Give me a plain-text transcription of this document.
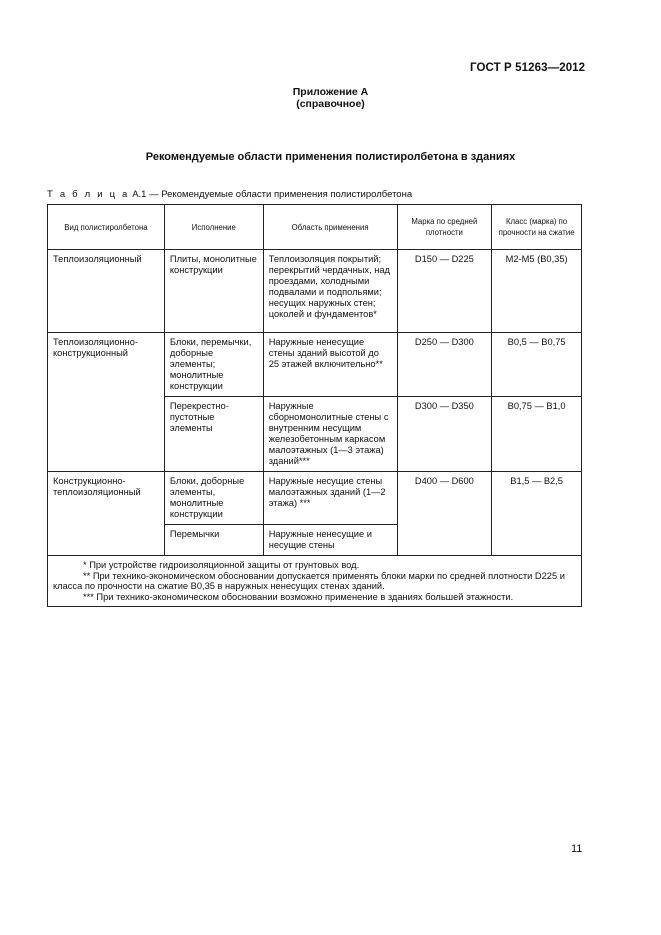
ГОСТ Р 51263—2012
Приложение А
(справочное)
Рекомендуемые области применения полистиролбетона в зданиях
Т а б л и ц а А.1 — Рекомендуемые области применения полистиролбетона
Вид полистиролбетона	Исполнение	Область применения	Марка по средней плотности	Класс (марка) по прочности на сжатие
Теплоизоляционный	Плиты, монолитные конструкции	Теплоизоляция покрытий; перекрытий чердачных, над проездами, холодными подвалами и подпольями; несущих наружных стен; цоколей и фундаментов*	D150 — D225	M2-M5 (B0,35)
Теплоизоляционно-конструкционный	Блоки, перемычки, доборные элементы; монолитные конструкции	Наружные ненесущие стены зданий высотой до 25 этажей включительно**	D250 — D300	B0,5 — B0,75
	Перекрестно-пустотные элементы	Наружные сборномонолитные стены с внутренним несущим железобетонным каркасом малоэтажных (1—3 этажа) зданий***	D300 — D350	B0,75 — B1,0
Конструкционно-теплоизоляционный	Блоки, доборные элементы, монолитные конструкции	Наружные несущие стены малоэтажных зданий (1—2 этажа) ***	D400 — D600	B1,5 — B2,5
	Перемычки	Наружные ненесущие и несущие стены		

* При устройстве гидроизоляционной защиты от грунтовых вод.
** При технико-экономическом обосновании допускается применять блоки марки по средней плотности D225 и класса по прочности на сжатие B0,35 в наружных ненесущих стенах зданий.
*** При технико-экономическом обосновании возможно применение в зданиях большей этажности.				
11
